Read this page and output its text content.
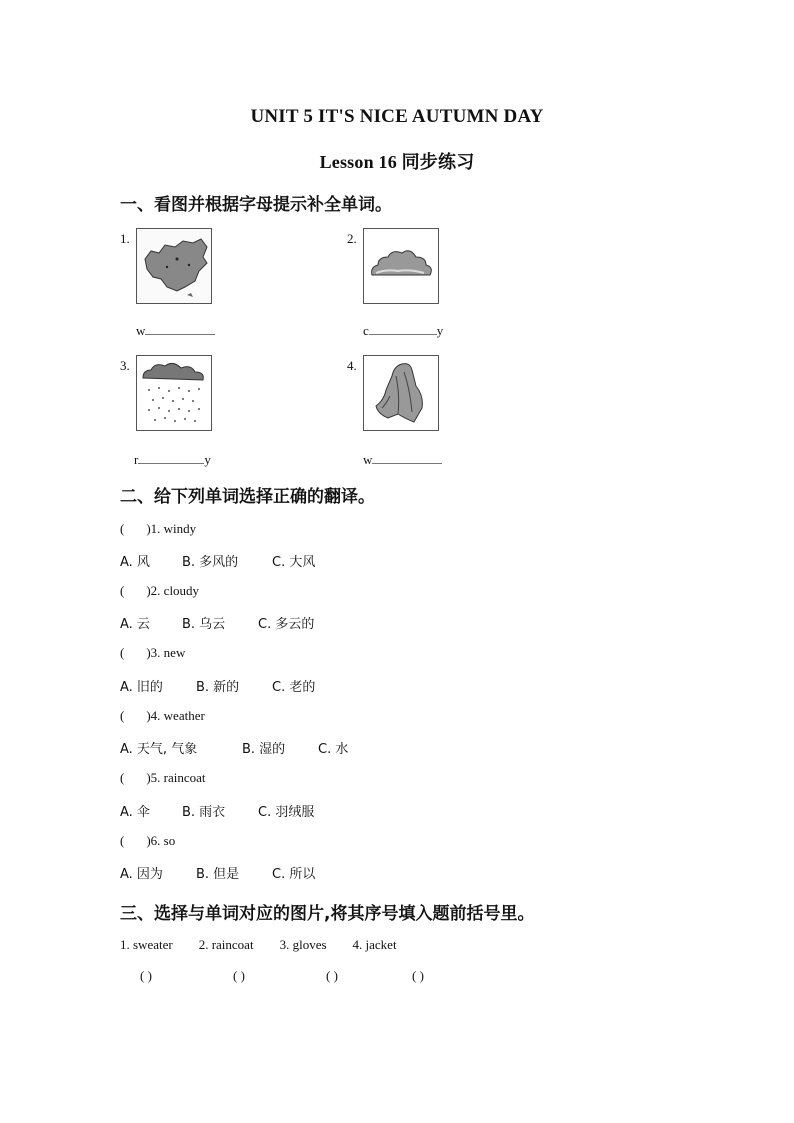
UNIT 5 IT'S NICE AUTUMN DAY
Lesson 16 同步练习
一、看图并根据字母提示补全单词。
1.
w
2.
c	y
3.
r	y
4.
w
二、给下列单词选择正确的翻译。
( )1. windy
A. 风 B. 多风的	C. 大风
( )2. cloudy
A. 云 B. 乌云	C. 多云的
( )3. new
A. 旧的	B. 新的	C. 老的
( )4. weather
A. 天气, 气象	B. 湿的	C. 水
( )5. raincoat
A. 伞 B. 雨衣	C. 羽绒服
( )6. so
A. 因为	B. 但是	C. 所以
三、选择与单词对应的图片,将其序号填入题前括号里。
1. sweater 2. raincoat 3. gloves 4. jacket
( )	( )	( )	( )
